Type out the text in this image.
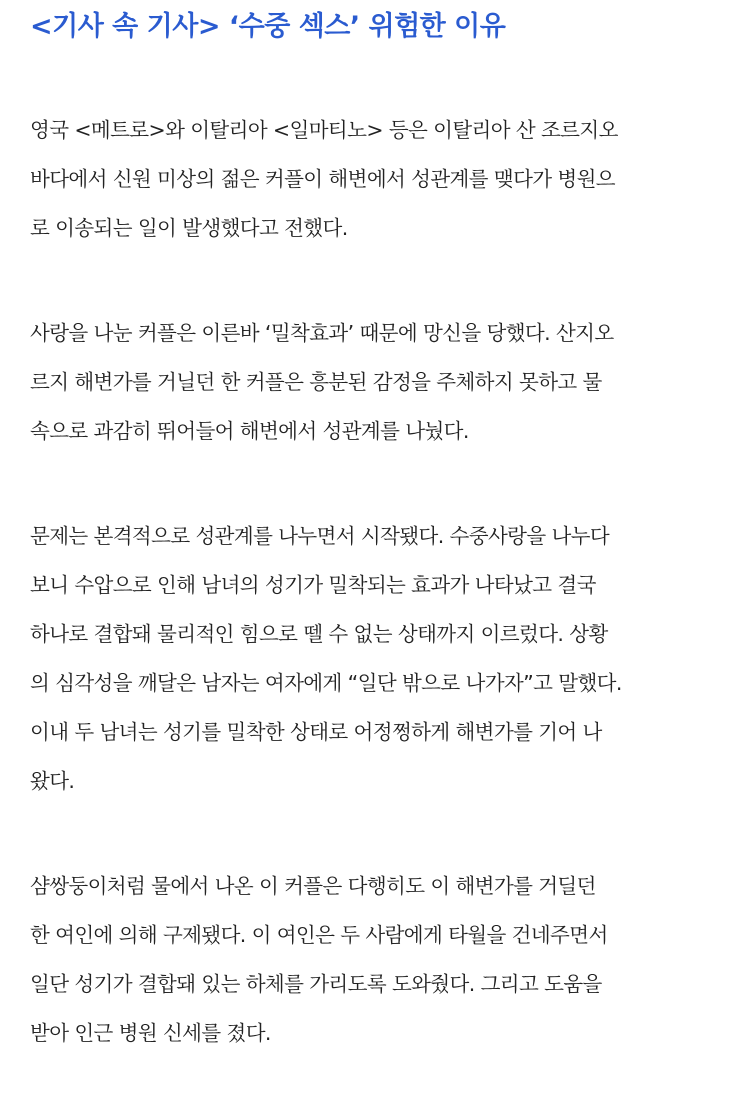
<기사 속 기사> ‘수중 섹스’ 위험한 이유

영국 <메트로>와 이탈리아 <일마티노> 등은 이탈리아 산 조르지오
바다에서 신원 미상의 젊은 커플이 해변에서 성관계를 맺다가 병원으
로 이송되는 일이 발생했다고 전했다.

사랑을 나눈 커플은 이른바 ‘밀착효과’ 때문에 망신을 당했다. 산지오
르지 해변가를 거닐던 한 커플은 흥분된 감정을 주체하지 못하고 물
속으로 과감히 뛰어들어 해변에서 성관계를 나눴다.

문제는 본격적으로 성관계를 나누면서 시작됐다. 수중사랑을 나누다
보니 수압으로 인해 남녀의 성기가 밀착되는 효과가 나타났고 결국
하나로 결합돼 물리적인 힘으로 뗄 수 없는 상태까지 이르렀다. 상황
의 심각성을 깨달은 남자는 여자에게 “일단 밖으로 나가자”고 말했다.
이내 두 남녀는 성기를 밀착한 상태로 어정쩡하게 해변가를 기어 나
왔다.

샴쌍둥이처럼 물에서 나온 이 커플은 다행히도 이 해변가를 거딜던
한 여인에 의해 구제됐다. 이 여인은 두 사람에게 타월을 건네주면서
일단 성기가 결합돼 있는 하체를 가리도록 도와줬다. 그리고 도움을
받아 인근 병원 신세를 졌다.
